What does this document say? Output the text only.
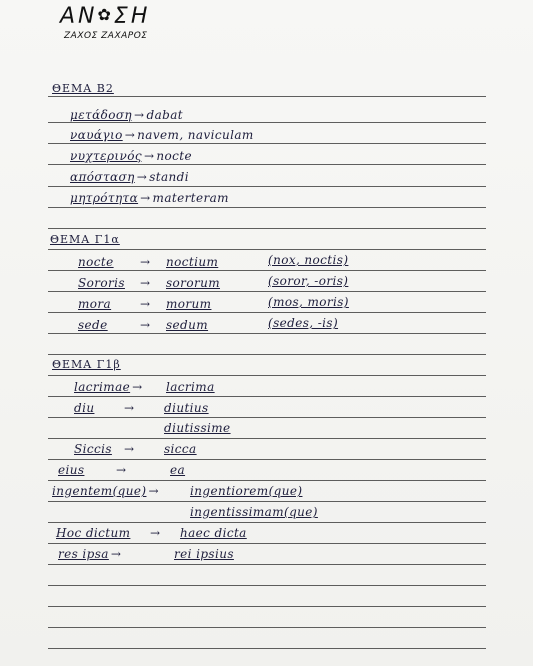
ΑΝ✿ΣΗ
ΖΑΧΟΣ ΖΑΧΑΡΟΣ
ΘΕΜΑ Β2
μετάδοση → dabat
ναυάγιο → navem, naviculam
νυχτερινός → nocte
απόσταση → standi
μητρότητα → materteram
ΘΕΜΑ Γ1α
nocte → noctium	(nox, noctis)
Sororis → sororum	(soror, -oris)
mora → morum	(mos, moris)
sede	→ sedum	(sedes, -is)
ΘΕΜΑ Γ1β
lacrimae → lacrima
diu → diutius
diutissime
Siccis → sicca
eius	→	ea
ingentem(que) →	ingentiorem(que)
ingentissimam(que)
Hoc dictum → haec dicta
res ipsa →	rei ipsius
